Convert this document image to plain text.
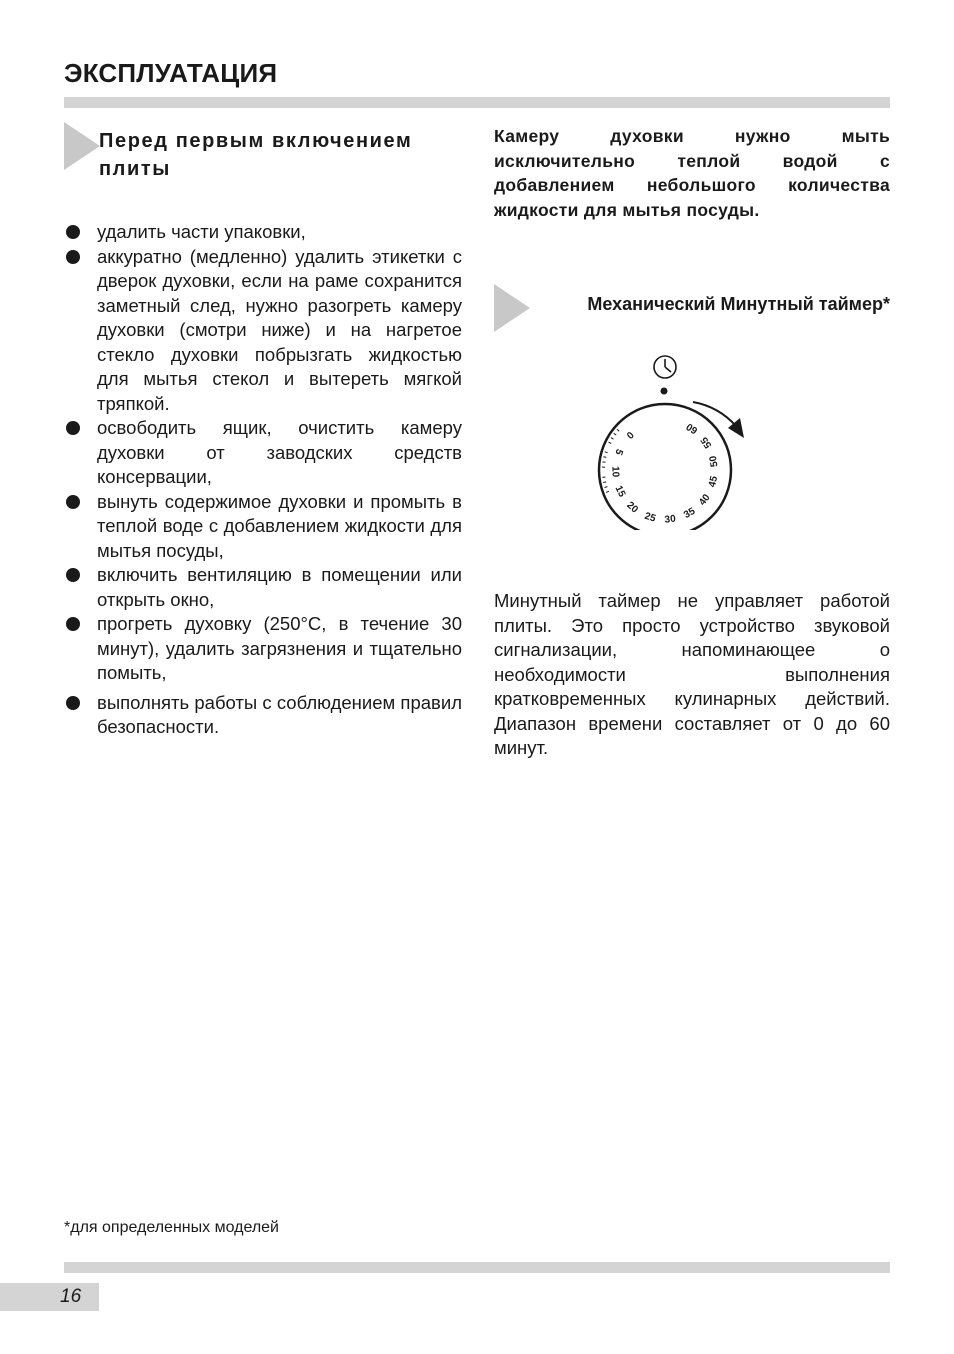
ЭКСПЛУАТАЦИЯ
Перед первым включением плиты
удалить части упаковки,
аккуратно (медленно) удалить этикетки с дверок духовки, если на раме сохранится заметный след, нужно разогреть камеру духовки (смотри ниже) и на нагретое стекло духовки побрызгать жидкостью для мытья стекол и вытереть мягкой тряпкой.
освободить ящик, очистить камеру духовки от заводских средств консервации,
вынуть содержимое духовки и промыть в теплой воде с добавлением жидкости для мытья посуды,
включить вентиляцию в помещении или открыть окно,
прогреть духовку (250°C, в течение 30 минут), удалить загрязнения и тщательно помыть,
выполнять работы с соблюдением правил безопасности.

Камеру духовки нужно мыть исключительно теплой водой с добавлением небольшого количества жидкости для мытья посуды.

Механический Минутный таймер*
0
5
10
15
20
25 30 35
40
45
50
55
60

Минутный таймер не управляет работой плиты. Это просто устройство звуковой сигнализации, напоминающее о необходимости выполнения кратковременных кулинарных действий. Диапазон времени составляет от 0 до 60 минут.

*для определенных моделей

16
